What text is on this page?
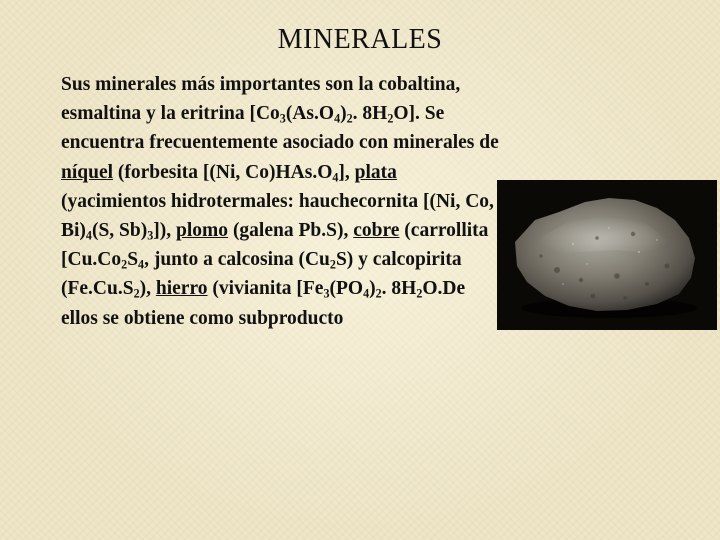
MINERALES

Sus minerales más importantes son la cobaltina, esmaltina y la eritrina [$Co_3(As.O_4)_2$. $8H_2O$]. Se encuentra frecuentemente asociado con minerales de níquel (forbesita [(Ni, $Co)HAs.O_4$], plata (yacimientos hidrotermales: hauchecornita [(Ni, Co, $Bi)_4(S$, $Sb)_3$]), plomo (galena Pb.S), cobre (carrollita [$Cu.Co_2S_4$, junto a calcosina $(Cu_2S)$ y calcopirita $(Fe.Cu.S_2)$, hierro (vivianita [$Fe_3(PO_4)_2$. $8H_2O.De$ ellos se obtiene como subproducto
